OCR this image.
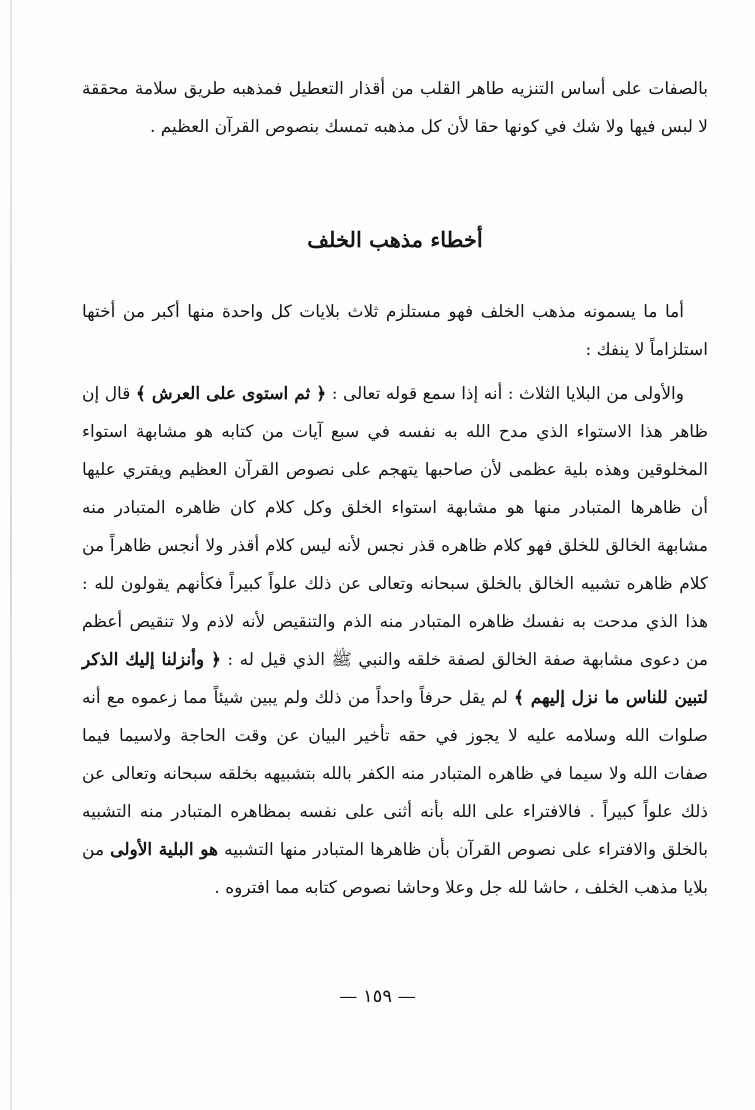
بالصفات على أساس التنزيه طاهر القلب من أقذار التعطيل فمذهبه طريق سلامة محققة لا لبس فيها ولا شك في كونها حقا لأن كل مذهبه تمسك بنصوص القرآن العظيم .

أخطاء مذهب الخلف

أما ما يسمونه مذهب الخلف فهو مستلزم ثلاث بلايات كل واحدة منها أكبر من أختها استلزاماً لا ينفك :

والأولى من البلايا الثلاث : أنه إذا سمع قوله تعالى : ﴿ ثم استوى على العرش ﴾ قال إن ظاهر هذا الاستواء الذي مدح الله به نفسه في سبع آيات من كتابه هو مشابهة استواء المخلوقين وهذه بلية عظمى لأن صاحبها يتهجم على نصوص القرآن العظيم ويفتري عليها أن ظاهرها المتبادر منها هو مشابهة استواء الخلق وكل كلام كان ظاهره المتبادر منه مشابهة الخالق للخلق فهو كلام ظاهره قذر نجس لأنه ليس كلام أقذر ولا أنجس ظاهراً من كلام ظاهره تشبيه الخالق بالخلق سبحانه وتعالى عن ذلك علواً كبيراً فكأنهم يقولون لله : هذا الذي مدحت به نفسك ظاهره المتبادر منه الذم والتنقيص لأنه لاذم ولا تنقيص أعظم من دعوى مشابهة صفة الخالق لصفة خلقه والنبي ﷺ الذي قيل له : ﴿ وأنزلنا إليك الذكر لتبين للناس ما نزل إليهم ﴾ لم يقل حرفاً واحداً من ذلك ولم يبين شيئاً مما زعموه مع أنه صلوات الله وسلامه عليه لا يجوز في حقه تأخير البيان عن وقت الحاجة ولاسيما فيما صفات الله ولا سيما في ظاهره المتبادر منه الكفر بالله بتشبيهه بخلقه سبحانه وتعالى عن ذلك علواً كبيراً . فالافتراء على الله بأنه أثنى على نفسه بمظاهره المتبادر منه التشبيه بالخلق والافتراء على نصوص القرآن بأن ظاهرها المتبادر منها التشبيه هو البلية الأولى من بلايا مذهب الخلف ، حاشا لله جل وعلا وحاشا نصوص كتابه مما افتروه .

— ١٥٩ —
